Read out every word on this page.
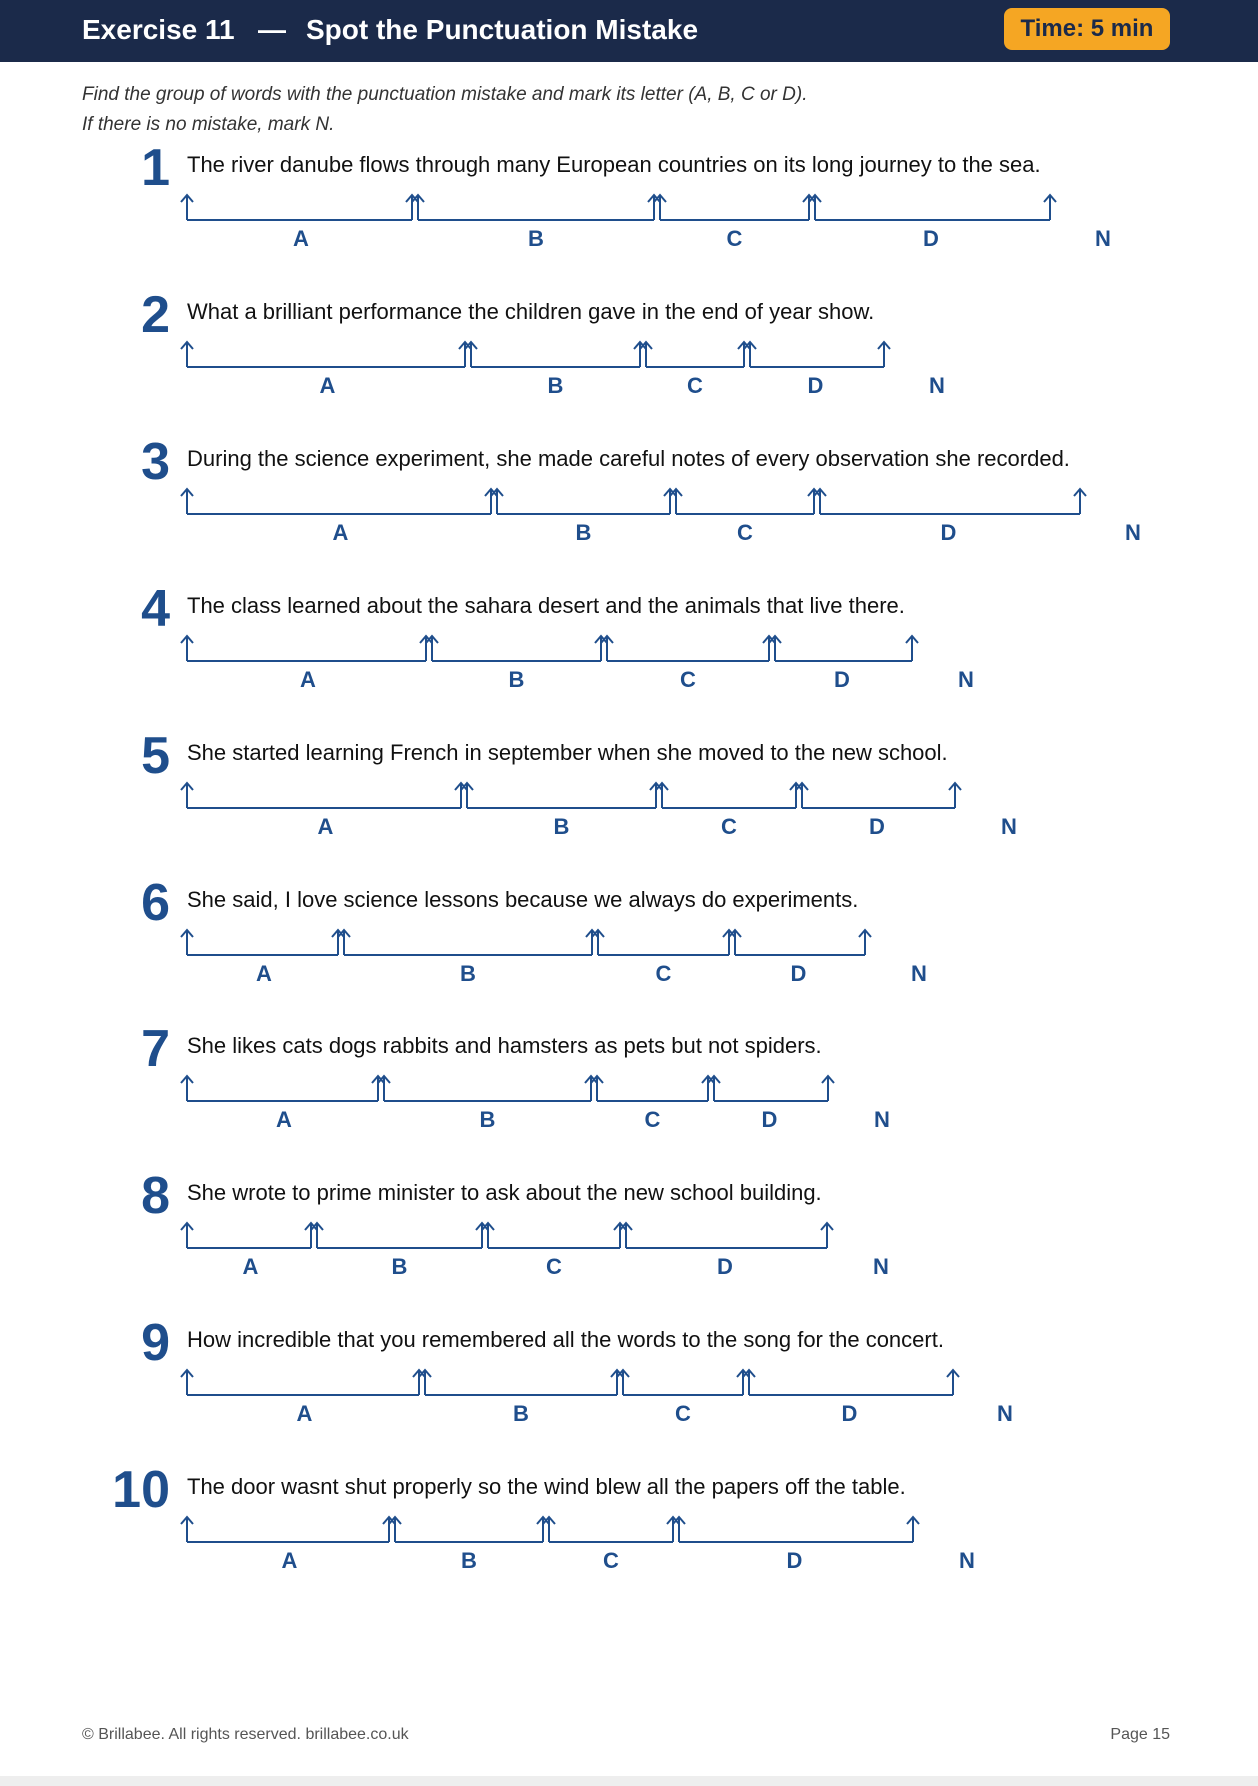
Exercise 11 — Spot the Punctuation Mistake	Time: 5 min
Find the group of words with the punctuation mistake and mark its letter (A, B, C or D).
If there is no mistake, mark N.
1 The river danube flows through many European countries on its long journey to the sea.
A	B	C	D	N
2 What a brilliant performance the children gave in the end of year show.
A	B	C	D	N
3 During the science experiment, she made careful notes of every observation she recorded.
A	B	C	D	N
4 The class learned about the sahara desert and the animals that live there.
A	B	C	D	N
5 She started learning French in september when she moved to the new school.
A	B	C	D	N
6 She said, I love science lessons because we always do experiments.
A	B	C	D	N
7 She likes cats dogs rabbits and hamsters as pets but not spiders.
A	B	C	D	N
8 She wrote to prime minister to ask about the new school building.
A	B	C	D	N
9 How incredible that you remembered all the words to the song for the concert.
A	B	C	D	N
10 The door wasnt shut properly so the wind blew all the papers off the table.
A	B	C	D	N
© Brillabee. All rights reserved. brillabee.co.uk	Page 15
